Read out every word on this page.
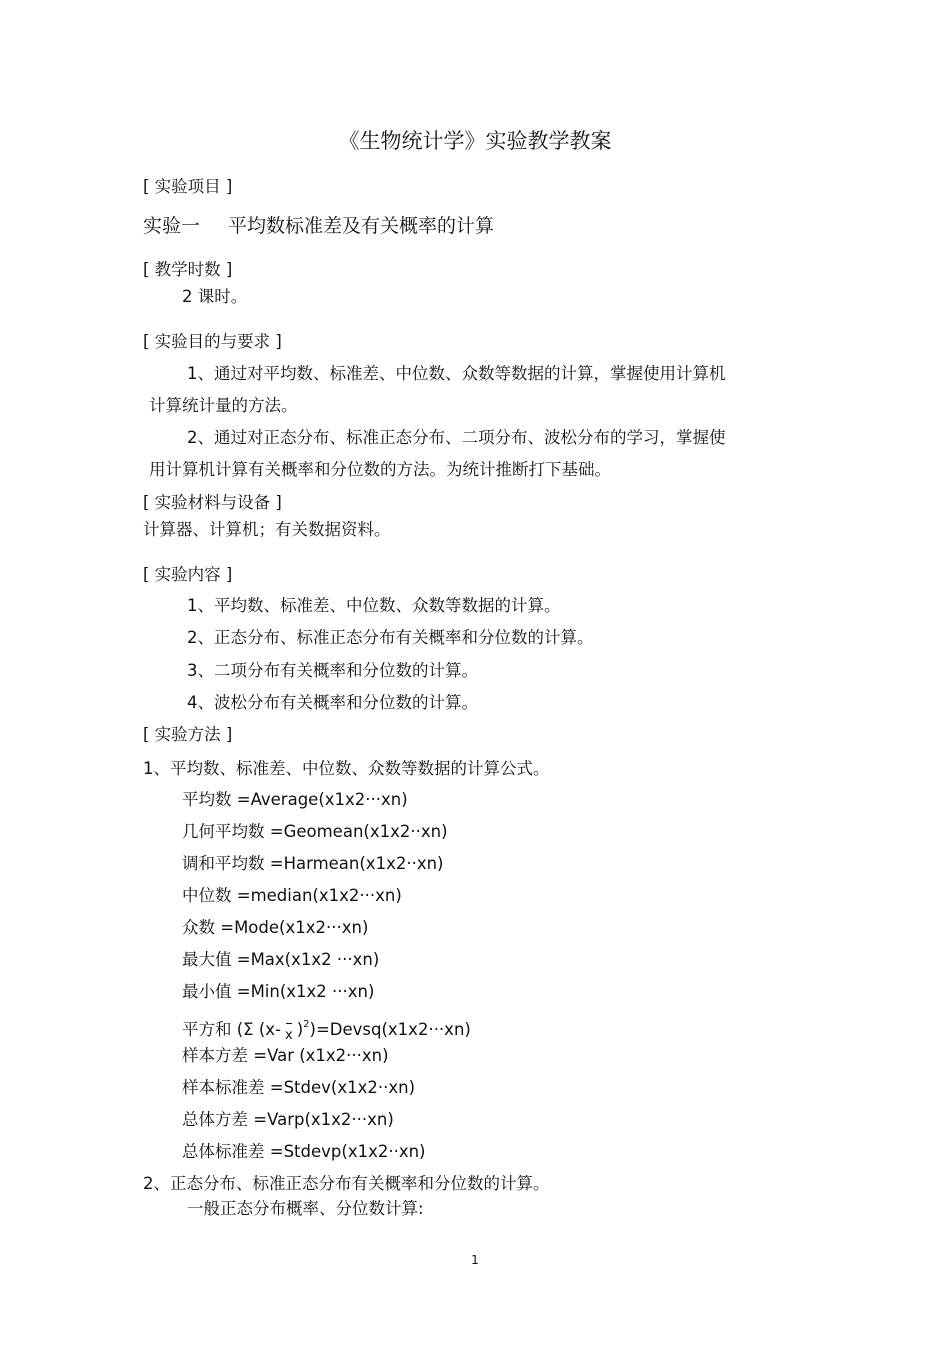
《生物统计学》实验教学教案
[ 实验项目 ]
实验一 平均数标准差及有关概率的计算
[ 教学时数 ]
2 课时。
[ 实验目的与要求 ]
1、通过对平均数、标准差、中位数、众数等数据的计算，掌握使用计算机
计算统计量的方法。
2、通过对正态分布、标准正态分布、二项分布、波松分布的学习，掌握使
用计算机计算有关概率和分位数的方法。为统计推断打下基础。
[ 实验材料与设备 ]
计算器、计算机；有关数据资料。
[ 实验内容 ]
1、平均数、标准差、中位数、众数等数据的计算。
2、正态分布、标准正态分布有关概率和分位数的计算。
3、二项分布有关概率和分位数的计算。
4、波松分布有关概率和分位数的计算。
[ 实验方法 ]
1、平均数、标准差、中位数、众数等数据的计算公式。
平均数 =Average(x1x2···xn)
几何平均数 =Geomean(x1x2··xn)
调和平均数 =Harmean(x1x2··xn)
中位数 =median(x1x2···xn)
众数 =Mode(x1x2···xn)
最大值 =Max(x1x2 ···xn)
最小值 =Min(x1x2 ···xn)
平方和 (Σ (x- x )$^2$)=Devsq(x1x2···xn)
样本方差 =Var (x1x2···xn)
样本标准差 =Stdev(x1x2··xn)
总体方差 =Varp(x1x2···xn)
总体标准差 =Stdevp(x1x2··xn)
2、正态分布、标准正态分布有关概率和分位数的计算。
一般正态分布概率、分位数计算:
1
